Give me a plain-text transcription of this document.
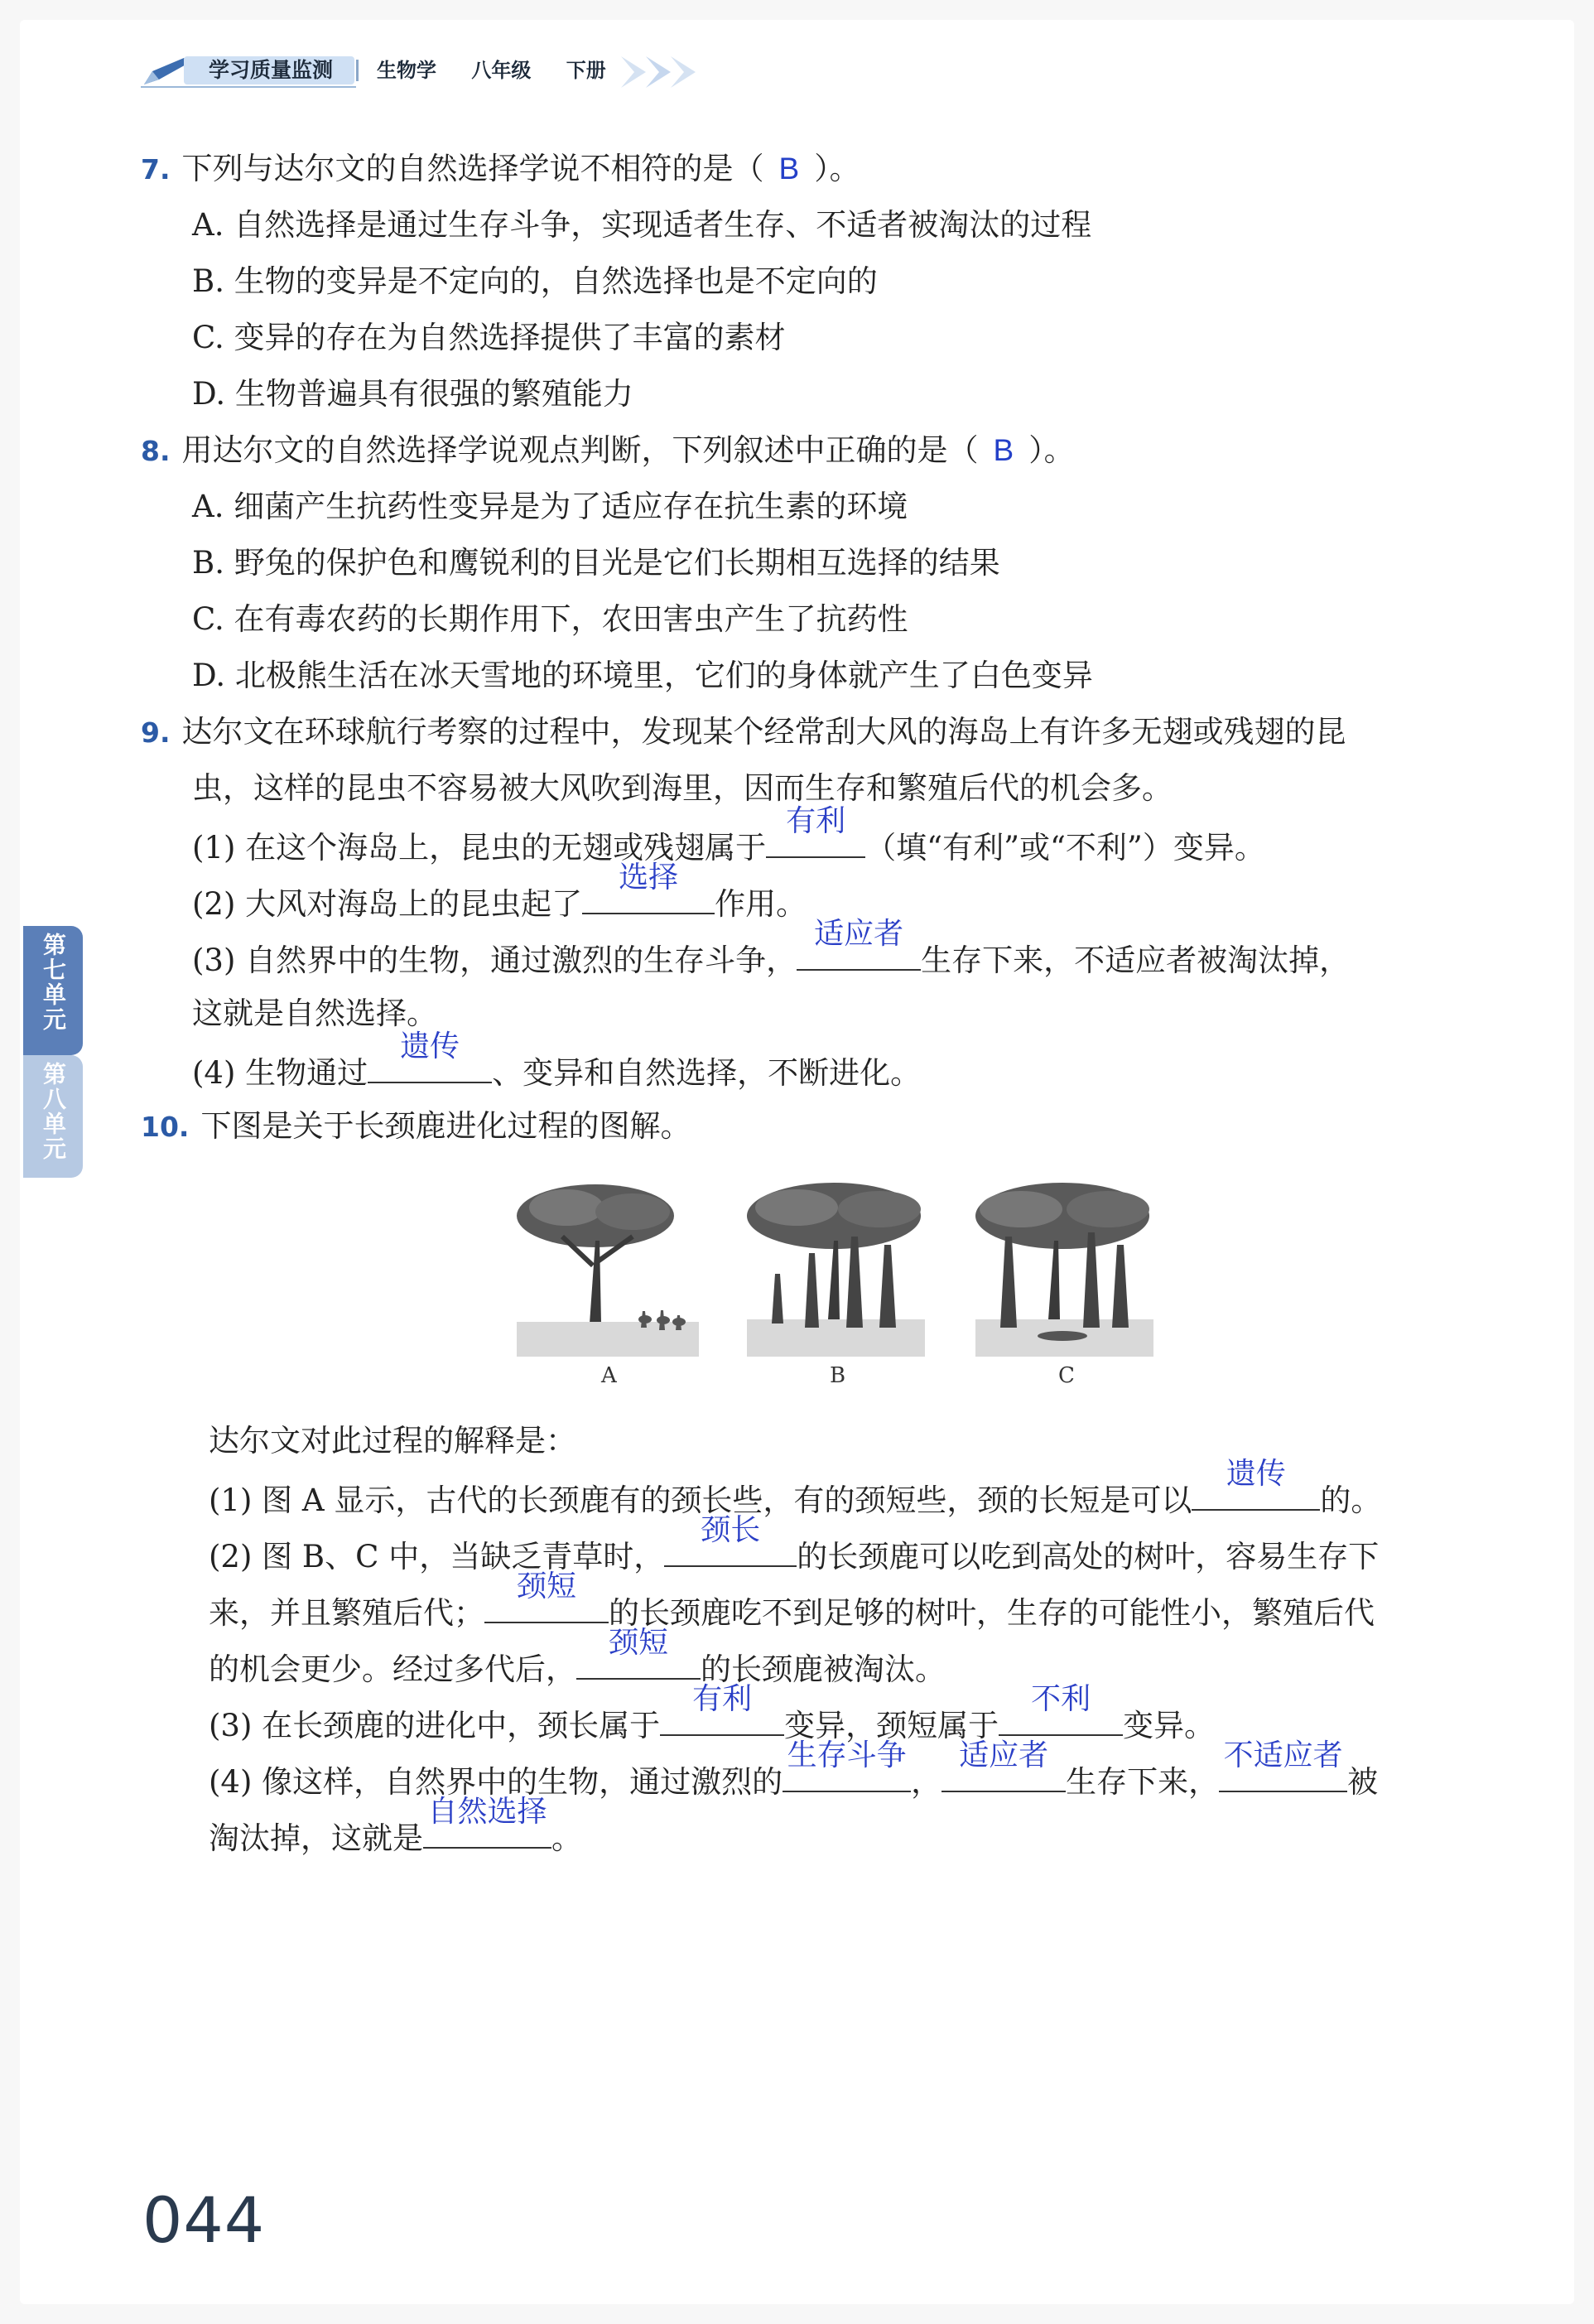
学习质量监测	生物学 八年级 下册
第七单元
第八单元
7. 下列与达尔文的自然选择学说不相符的是（ B ）。
A. 自然选择是通过生存斗争，实现适者生存、不适者被淘汰的过程
B. 生物的变异是不定向的，自然选择也是不定向的
C. 变异的存在为自然选择提供了丰富的素材
D. 生物普遍具有很强的繁殖能力
8. 用达尔文的自然选择学说观点判断，下列叙述中正确的是（ B ）。
A. 细菌产生抗药性变异是为了适应存在抗生素的环境
B. 野兔的保护色和鹰锐利的目光是它们长期相互选择的结果
C. 在有毒农药的长期作用下，农田害虫产生了抗药性
D. 北极熊生活在冰天雪地的环境里，它们的身体就产生了白色变异
9. 达尔文在环球航行考察的过程中，发现某个经常刮大风的海岛上有许多无翅或残翅的昆
虫，这样的昆虫不容易被大风吹到海里，因而生存和繁殖后代的机会多。
(1) 在这个海岛上，昆虫的无翅或残翅属于
有利
（填“有利”或“不利”）变异。
(2) 大风对海岛上的昆虫起了
选择
作用。
(3) 自然界中的生物，通过激烈的生存斗争，
适应者
生存下来，不适应者被淘汰掉，
这就是自然选择。
(4) 生物通过
遗传
、变异和自然选择，不断进化。
10. 下图是关于长颈鹿进化过程的图解。
A	B	C
达尔文对此过程的解释是：
(1) 图 A 显示，古代的长颈鹿有的颈长些，有的颈短些，颈的长短是可以
遗传
的。
(2) 图 B、C 中，当缺乏青草时，
颈长
的长颈鹿可以吃到高处的树叶，容易生存下
来，并且繁殖后代；
颈短
的长颈鹿吃不到足够的树叶，生存的可能性小，繁殖后代
的机会更少。经过多代后，
颈短
的长颈鹿被淘汰。
(3) 在长颈鹿的进化中，颈长属于
有利
变异，颈短属于
不利
变异。
(4) 像这样，自然界中的生物，通过激烈的
生存斗争
，
适应者
生存下来，
不适应者
被
淘汰掉，这就是
自然选择
。
044
